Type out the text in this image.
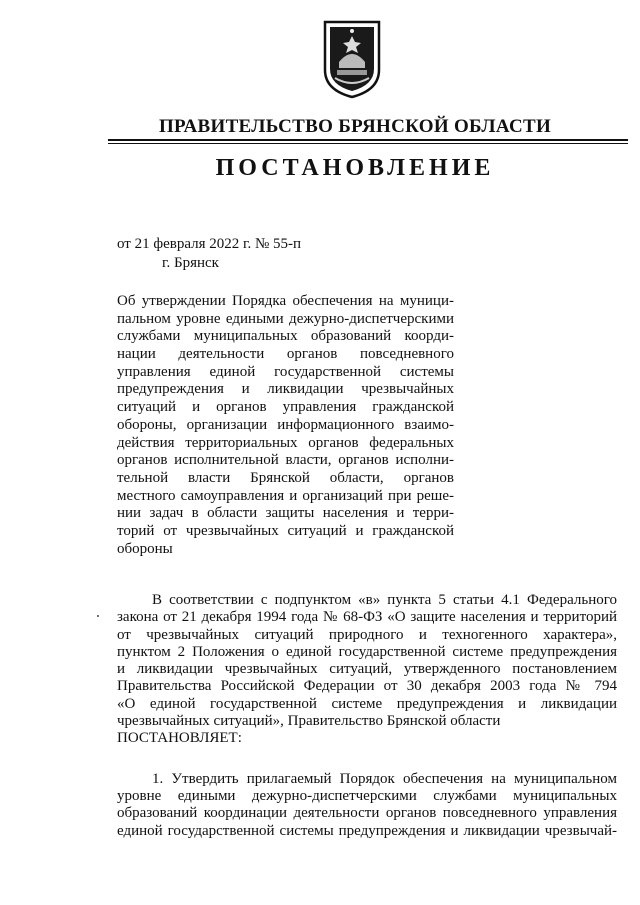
ПРАВИТЕЛЬСТВО БРЯНСКОЙ ОБЛАСТИ
ПОСТАНОВЛЕНИЕ
от 21 февраля 2022 г. № 55-п
г. Брянск
Об утверждении Порядка обеспечения на муници-
пальном уровне едиными дежурно-диспетчерскими
службами муниципальных образований коорди-
нации деятельности органов повседневного
управления единой государственной системы
предупреждения и ликвидации чрезвычайных
ситуаций и органов управления гражданской
обороны, организации информационного взаимо-
действия территориальных органов федеральных
органов исполнительной власти, органов исполни-
тельной власти Брянской области, органов
местного самоуправления и организаций при реше-
нии задач в области защиты населения и терри-
торий от чрезвычайных ситуаций и гражданской
обороны
В соответствии с подпунктом «в» пункта 5 статьи 4.1 Федерального
закона от 21 декабря 1994 года № 68-ФЗ «О защите населения и территорий
от чрезвычайных ситуаций природного и техногенного характера»,
пунктом 2 Положения о единой государственной системе предупреждения
и ликвидации чрезвычайных ситуаций, утвержденного постановлением
Правительства Российской Федерации от 30 декабря 2003 года № 794
«О единой государственной системе предупреждения и ликвидации
чрезвычайных ситуаций», Правительство Брянской области
ПОСТАНОВЛЯЕТ:
1. Утвердить прилагаемый Порядок обеспечения на муниципальном
уровне едиными дежурно-диспетчерскими службами муниципальных
образований координации деятельности органов повседневного управления
единой государственной системы предупреждения и ликвидации чрезвычай-
